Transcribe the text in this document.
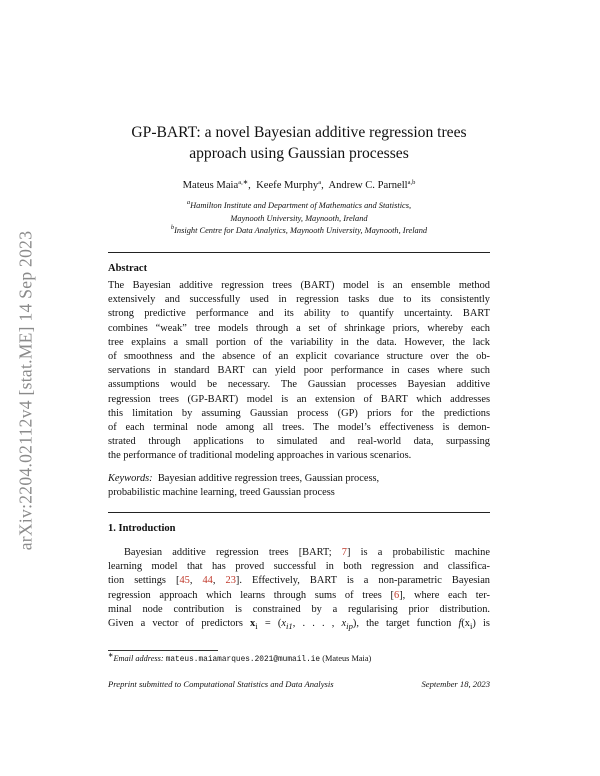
arXiv:2204.02112v4 [stat.ME] 14 Sep 2023
GP-BART: a novel Bayesian additive regression trees
approach using Gaussian processes
Mateus Maia$^{a,∗}$,  Keefe Murphy$^a$,  Andrew C. Parnell$^{a,b}$
$^a$Hamilton Institute and Department of Mathematics and Statistics,
Maynooth University, Maynooth, Ireland
$^b$Insight Centre for Data Analytics, Maynooth University, Maynooth, Ireland
Abstract
The Bayesian additive regression trees (BART) model is an ensemble method
extensively and successfully used in regression tasks due to its consistently
strong predictive performance and its ability to quantify uncertainty. BART
combines “weak” tree models through a set of shrinkage priors, whereby each
tree explains a small portion of the variability in the data. However, the lack
of smoothness and the absence of an explicit covariance structure over the ob-
servations in standard BART can yield poor performance in cases where such
assumptions would be necessary. The Gaussian processes Bayesian additive
regression trees (GP-BART) model is an extension of BART which addresses
this limitation by assuming Gaussian process (GP) priors for the predictions
of each terminal node among all trees. The model’s effectiveness is demon-
strated through applications to simulated and real-world data, surpassing
the performance of traditional modeling approaches in various scenarios.
Keywords: Bayesian additive regression trees, Gaussian process,
probabilistic machine learning, treed Gaussian process
1. Introduction
Bayesian additive regression trees [BART; 7] is a probabilistic machine
learning model that has proved successful in both regression and classifica-
tion settings [45, 44, 23]. Effectively, BART is a non-parametric Bayesian
regression approach which learns through sums of trees [6], where each ter-
minal node contribution is constrained by a regularising prior distribution.
Given a vector of predictors $x_i = (x_{i1}$, . . . , $x_{ip}$), the target function $f(x_i)$ is
∗Email address: mateus.maiamarques.2021@mumail.ie (Mateus Maia)
Preprint submitted to Computational Statistics and Data Analysis	September 18, 2023
